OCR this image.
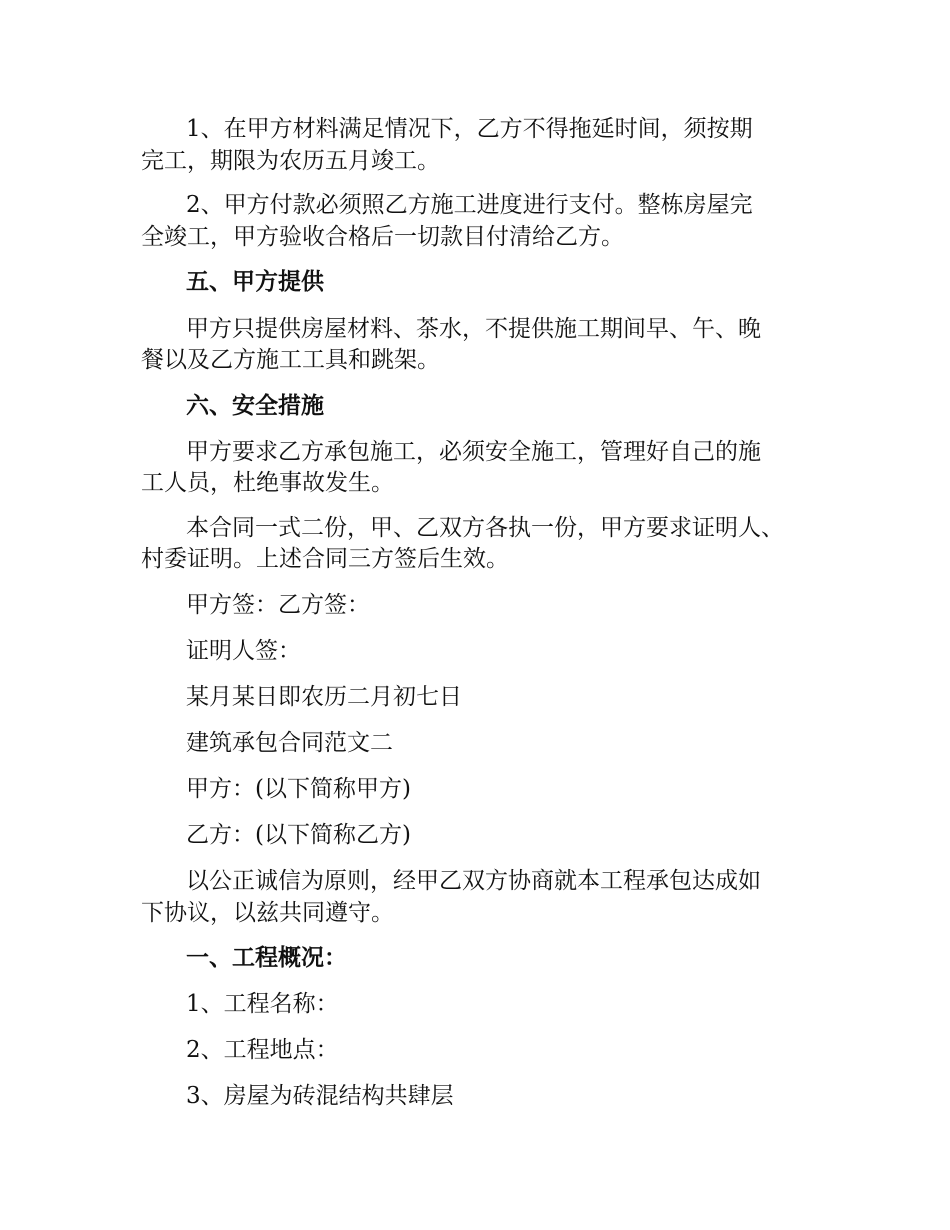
1、在甲方材料满足情况下，乙方不得拖延时间，须按期
完工，期限为农历五月竣工。
2、甲方付款必须照乙方施工进度进行支付。整栋房屋完
全竣工，甲方验收合格后一切款目付清给乙方。
五、甲方提供
甲方只提供房屋材料、茶水，不提供施工期间早、午、晚
餐以及乙方施工工具和跳架。
六、安全措施
甲方要求乙方承包施工，必须安全施工，管理好自己的施
工人员，杜绝事故发生。
本合同一式二份，甲、乙双方各执一份，甲方要求证明人、
村委证明。上述合同三方签后生效。
甲方签：乙方签：
证明人签：
某月某日即农历二月初七日
建筑承包合同范文二
甲方：(以下简称甲方)
乙方：(以下简称乙方)
以公正诚信为原则，经甲乙双方协商就本工程承包达成如
下协议，以兹共同遵守。
一、工程概况：
1、工程名称：
2、工程地点：
3、房屋为砖混结构共肆层
